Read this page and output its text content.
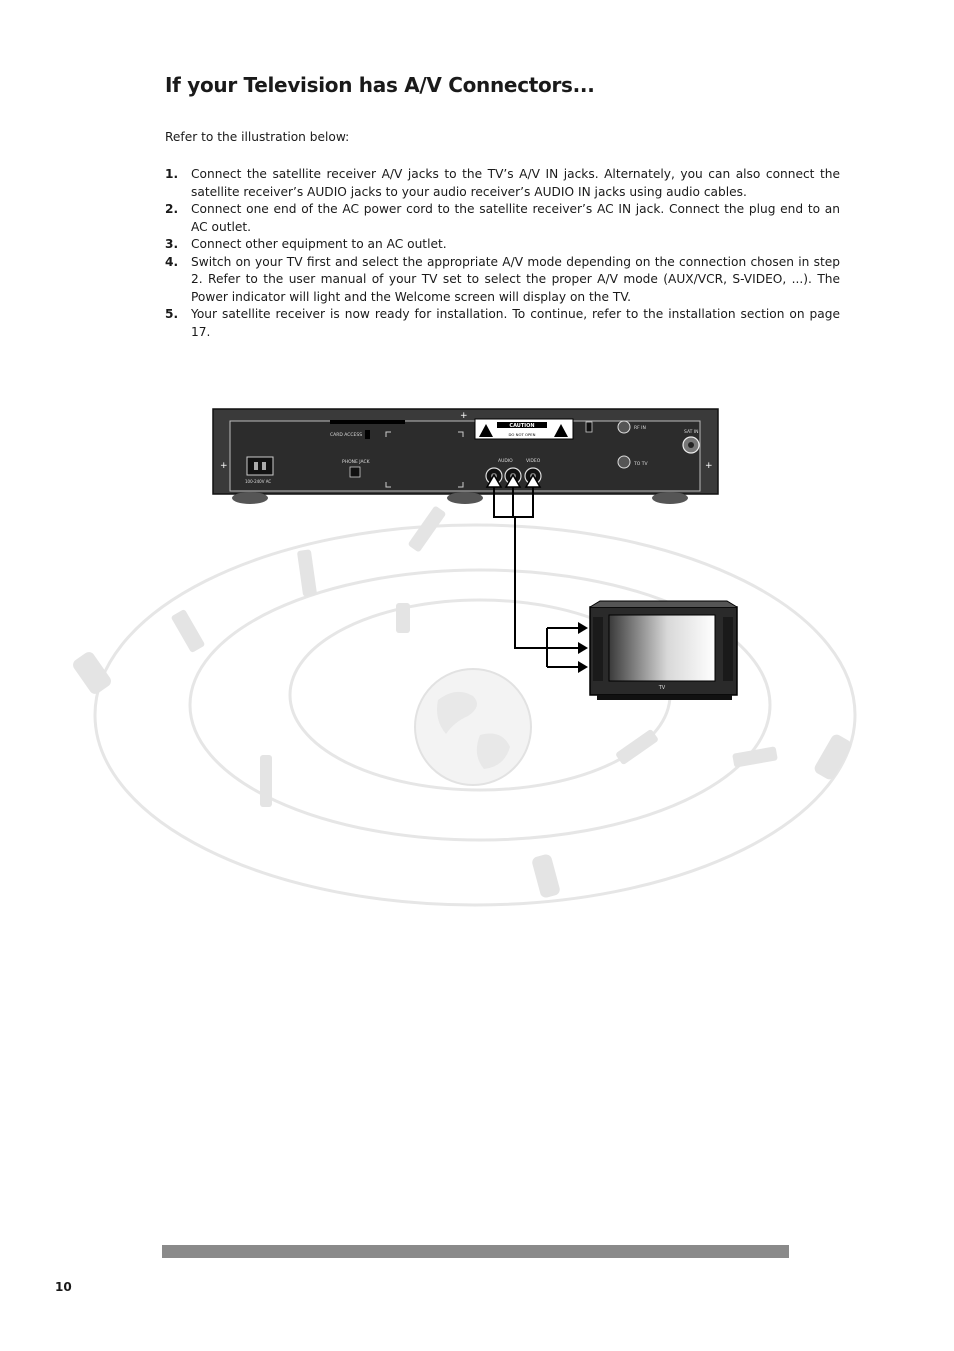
If your Television has A/V Connectors...

Refer to the illustration below:

1. Connect the satellite receiver A/V jacks to the TV’s A/V IN jacks. Alternately, you can also connect the satellite receiver’s AUDIO jacks to your audio receiver’s AUDIO IN jacks using audio cables.
2. Connect one end of the AC power cord to the satellite receiver’s AC IN jack. Connect the plug end to an AC outlet.
3. Connect other equipment to an AC outlet.
4. Switch on your TV first and select the appropriate A/V mode depending on the connection chosen in step 2. Refer to the user manual of your TV set to select the proper A/V mode (AUX/VCR, S-VIDEO, ...). The Power indicator will light and the Welcome screen will display on the TV.
5. Your satellite receiver is now ready for installation. To continue, refer to the installation section on page 17.
+	+
+
CARD ACCESS
100-240V AC
PHONE JACK
CAUTION
DO NOT OPEN
AUDIO	VIDEO
RF IN
TO TV
SAT IN
TV
10
